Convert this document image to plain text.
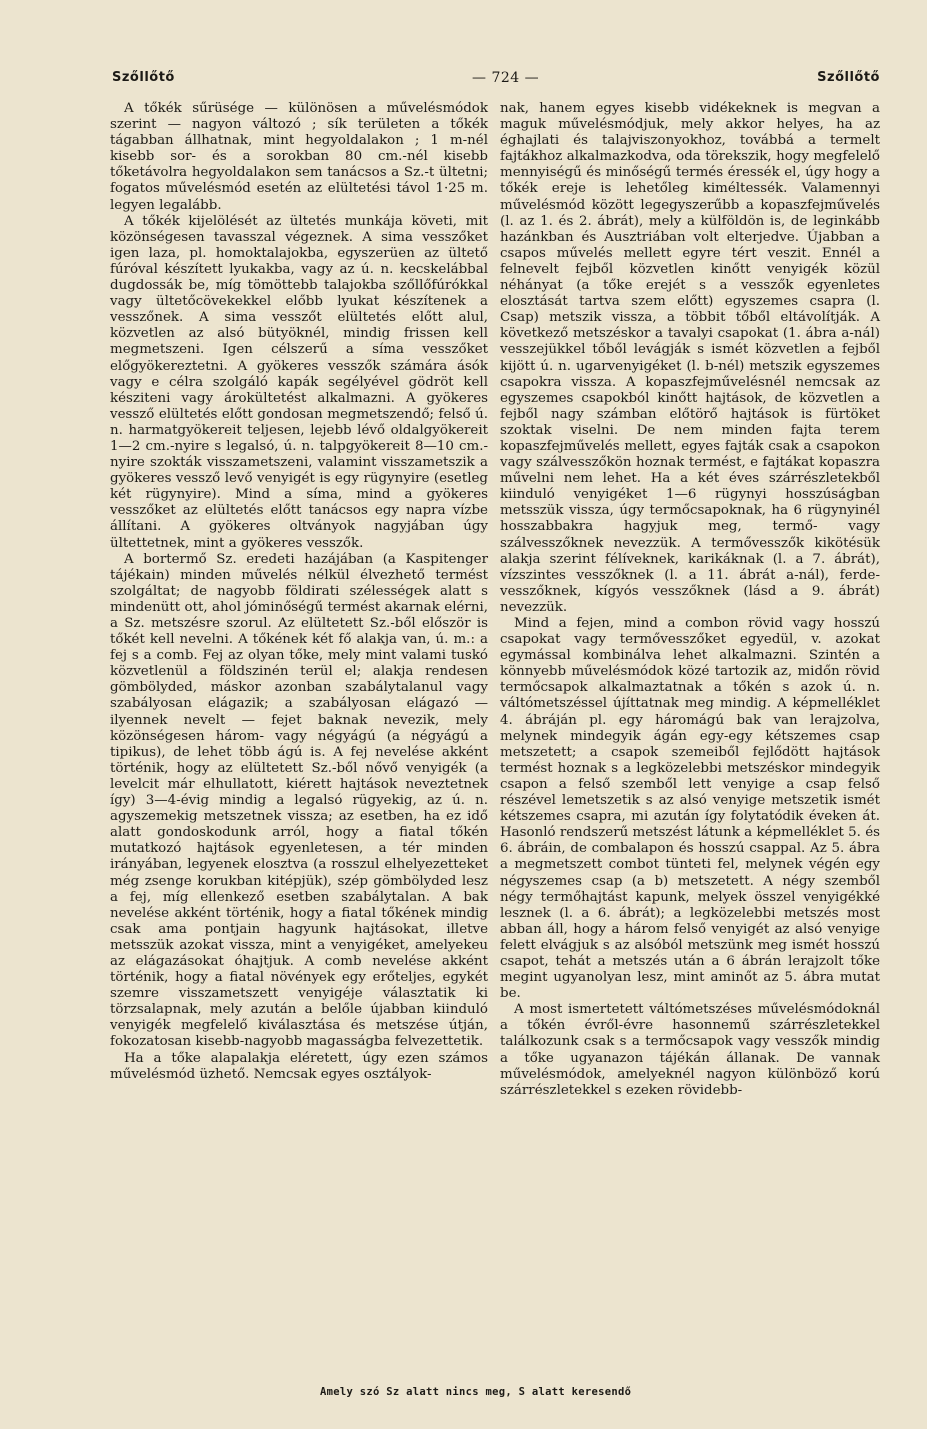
Szőllőtő	— 724 —	Szőllőtő

A tőkék sűrüsége — különösen a művelésmódok szerint — nagyon változó ; sík területen a tőkék tágabban állhatnak, mint hegyoldalakon ; 1 m-nél kisebb sor- és a sorokban 80 cm.-nél kisebb tőketávolra hegyoldalakon sem tanácsos a Sz.-t ültetni; fogatos művelésmód esetén az elültetési távol 1·25 m. legyen legalább.

A tőkék kijelölését az ültetés munkája követi, mit közönségesen tavasszal végeznek. A sima vesszőket igen laza, pl. homoktalajokba, egyszerüen az ültető fúróval készített lyukakba, vagy az ú. n. kecskelábbal dugdossák be, míg tömöttebb talajokba szőllőfúrókkal vagy ültetőcövekekkel előbb lyukat készítenek a vesszőnek. A sima vesszőt elültetés előtt alul, közvetlen az alsó bütyöknél, mindig frissen kell megmetszeni. Igen célszerű a síma vesszőket előgyökereztetni. A gyökeres vesszők számára ásók vagy e célra szolgáló kapák segélyével gödröt kell késziteni vagy árokültetést alkalmazni. A gyökeres vessző elültetés előtt gondosan megmetszendő; felső ú. n. harmatgyökereit teljesen, lejebb lévő oldalgyökereit 1—2 cm.-nyire s legalsó, ú. n. talpgyökereit 8—10 cm.-nyire szokták visszametszeni, valamint visszametszik a gyökeres vessző levő venyigét is egy rügynyire (esetleg két rügynyire). Mind a síma, mind a gyökeres vesszőket az elültetés előtt tanácsos egy napra vízbe állítani. A gyökeres oltványok nagyjában úgy ültettetnek, mint a gyökeres vesszők.

A bortermő Sz. eredeti hazájában (a Kaspitenger tájékain) minden művelés nélkül élvezhető termést szolgáltat; de nagyobb földirati szélességek alatt s mindenütt ott, ahol jóminőségű termést akarnak elérni, a Sz. metszésre szorul. Az elültetett Sz.-ből először is tőkét kell nevelni. A tőkének két fő alakja van, ú. m.: a fej s a comb. Fej az olyan tőke, mely mint valami tuskó közvetlenül a földszinén terül el; alakja rendesen gömbölyded, máskor azonban szabálytalanul vagy szabályosan elágazik; a szabályosan elágazó — ilyennek nevelt — fejet baknak nevezik, mely közönségesen három- vagy négyágú (a négyágú a tipikus), de lehet több ágú is. A fej nevelése akként történik, hogy az elültetett Sz.-ből nővő venyigék (a levelcit már elhullatott, kiérett hajtások neveztetnek így) 3—4-évig mindig a legalsó rügyekig, az ú. n. agyszemekig metszetnek vissza; az esetben, ha ez idő alatt gondoskodunk arról, hogy a fiatal tőkén mutatkozó hajtások egyenletesen, a tér minden irányában, legyenek elosztva (a rosszul elhelyezetteket még zsenge korukban kitépjük), szép gömbölyded lesz a fej, míg ellenkező esetben szabálytalan. A bak nevelése akként történik, hogy a fiatal tőkének mindig csak ama pontjain hagyunk hajtásokat, illetve metsszük azokat vissza, mint a venyigéket, amelyekeu az elágazásokat óhajtjuk. A comb nevelése akként történik, hogy a fiatal növények egy erőteljes, egykét szemre visszametszett venyigéje választatik ki törzsalapnak, mely azután a belőle újabban kiinduló venyigék megfelelő kiválasztása és metszése útján, fokozatosan kisebb-nagyobb magasságba felvezettetik.

Ha a tőke alapalakja eléretett, úgy ezen számos művelésmód üzhető. Nemcsak egyes osztályok-

nak, hanem egyes kisebb vidékeknek is megvan a maguk művelésmódjuk, mely akkor helyes, ha az éghajlati és talajviszonyokhoz, továbbá a termelt fajtákhoz alkalmazkodva, oda törekszik, hogy megfelelő mennyiségű és minőségű termés éressék el, úgy hogy a tőkék ereje is lehetőleg kiméltessék. Valamennyi művelésmód között legegyszerűbb a kopaszfejművelés (l. az 1. és 2. ábrát), mely a külföldön is, de leginkább hazánkban és Ausztriában volt elterjedve. Újabban a csapos művelés mellett egyre tért veszit. Ennél a felnevelt fejből közvetlen kinőtt venyigék közül néhányat (a tőke erejét s a vesszők egyenletes elosztását tartva szem előtt) egyszemes csapra (l. Csap) metszik vissza, a többit tőből eltávolítják. A következő metszéskor a tavalyi csapokat (1. ábra a-nál) vesszejükkel tőből levágják s ismét közvetlen a fejből kijött ú. n. ugarvenyigéket (l. b-nél) metszik egyszemes csapokra vissza. A kopaszfejművelésnél nemcsak az egyszemes csapokból kinőtt hajtások, de közvetlen a fejből nagy számban előtörő hajtások is fürtöket szoktak viselni. De nem minden fajta terem kopaszfejművelés mellett, egyes fajták csak a csapokon vagy szálvesszőkön hoznak termést, e fajtákat kopaszra művelni nem lehet. Ha a két éves szárrészletekből kiinduló venyigéket 1—6 rügynyi hosszúságban metsszük vissza, úgy termőcsapoknak, ha 6 rügynyinél hosszabbakra hagyjuk meg, termő- vagy szálvesszőknek nevezzük. A termővesszők kikötésük alakja szerint félíveknek, karikáknak (l. a 7. ábrát), vízszintes vesszőknek (l. a 11. ábrát a-nál), ferde-vesszőknek, kígyós vesszőknek (lásd a 9. ábrát) nevezzük.

Mind a fejen, mind a combon rövid vagy hosszú csapokat vagy termővesszőket egyedül, v. azokat egymással kombinálva lehet alkalmazni. Szintén a könnyebb művelésmódok közé tartozik az, midőn rövid termőcsapok alkalmaztatnak a tőkén s azok ú. n. váltómetszéssel újíttatnak meg mindig. A képmelléklet 4. ábráján pl. egy háromágú bak van lerajzolva, melynek mindegyik ágán egy-egy kétszemes csap metszetett; a csapok szemeiből fejlődött hajtások termést hoznak s a legközelebbi metszéskor mindegyik csapon a felső szemből lett venyige a csap felső részével lemetszetik s az alsó venyige metszetik ismét kétszemes csapra, mi azután így folytatódik éveken át. Hasonló rendszerű metszést látunk a képmelléklet 5. és 6. ábráin, de combalapon és hosszú csappal. Az 5. ábra a megmetszett combot tünteti fel, melynek végén egy négyszemes csap (a b) metszetett. A négy szemből négy termőhajtást kapunk, melyek összel venyigékké lesznek (l. a 6. ábrát); a legközelebbi metszés most abban áll, hogy a három felső venyigét az alsó venyige felett elvágjuk s az alsóból metszünk meg ismét hosszú csapot, tehát a metszés után a 6 ábrán lerajzolt tőke megint ugyanolyan lesz, mint aminőt az 5. ábra mutat be.

A most ismertetett váltómetszéses művelésmódoknál a tőkén évről-évre hasonnemű szárrészletekkel találkozunk csak s a termőcsapok vagy vesszők mindig a tőke ugyanazon tájékán állanak. De vannak művelésmódok, amelyeknél nagyon különböző korú szárrészletekkel s ezeken rövidebb-

Amely szó Sz alatt nincs meg, S alatt keresendő
